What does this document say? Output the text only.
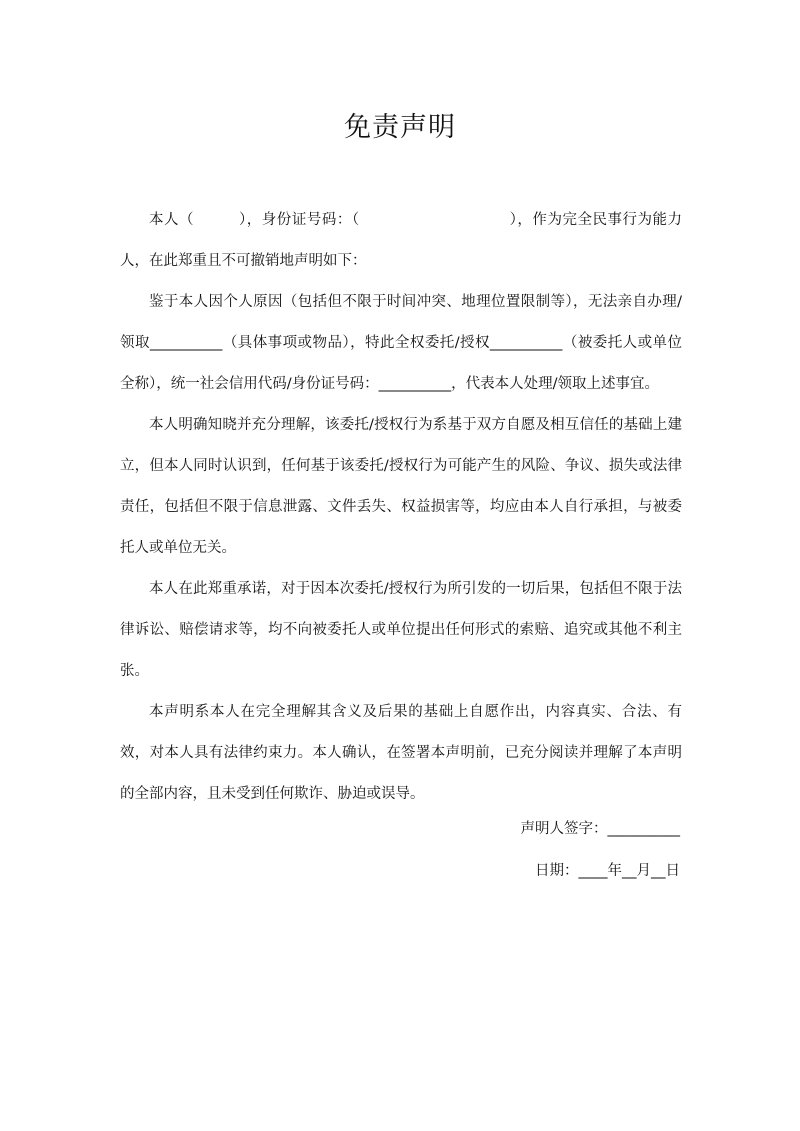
免责声明

本人（　　　），身份证号码：（　　　　　　　　　　），作为完全民事行为能力人，在此郑重且不可撤销地声明如下：

鉴于本人因个人原因（包括但不限于时间冲突、地理位置限制等），无法亲自办理/领取__________（具体事项或物品），特此全权委托/授权__________（被委托人或单位全称），统一社会信用代码/身份证号码：__________，代表本人处理/领取上述事宜。

本人明确知晓并充分理解，该委托/授权行为系基于双方自愿及相互信任的基础上建立，但本人同时认识到，任何基于该委托/授权行为可能产生的风险、争议、损失或法律责任，包括但不限于信息泄露、文件丢失、权益损害等，均应由本人自行承担，与被委托人或单位无关。

本人在此郑重承诺，对于因本次委托/授权行为所引发的一切后果，包括但不限于法律诉讼、赔偿请求等，均不向被委托人或单位提出任何形式的索赔、追究或其他不利主张。

本声明系本人在完全理解其含义及后果的基础上自愿作出，内容真实、合法、有效，对本人具有法律约束力。本人确认，在签署本声明前，已充分阅读并理解了本声明的全部内容，且未受到任何欺诈、胁迫或误导。

声明人签字：__________
日期：____年__月__日
